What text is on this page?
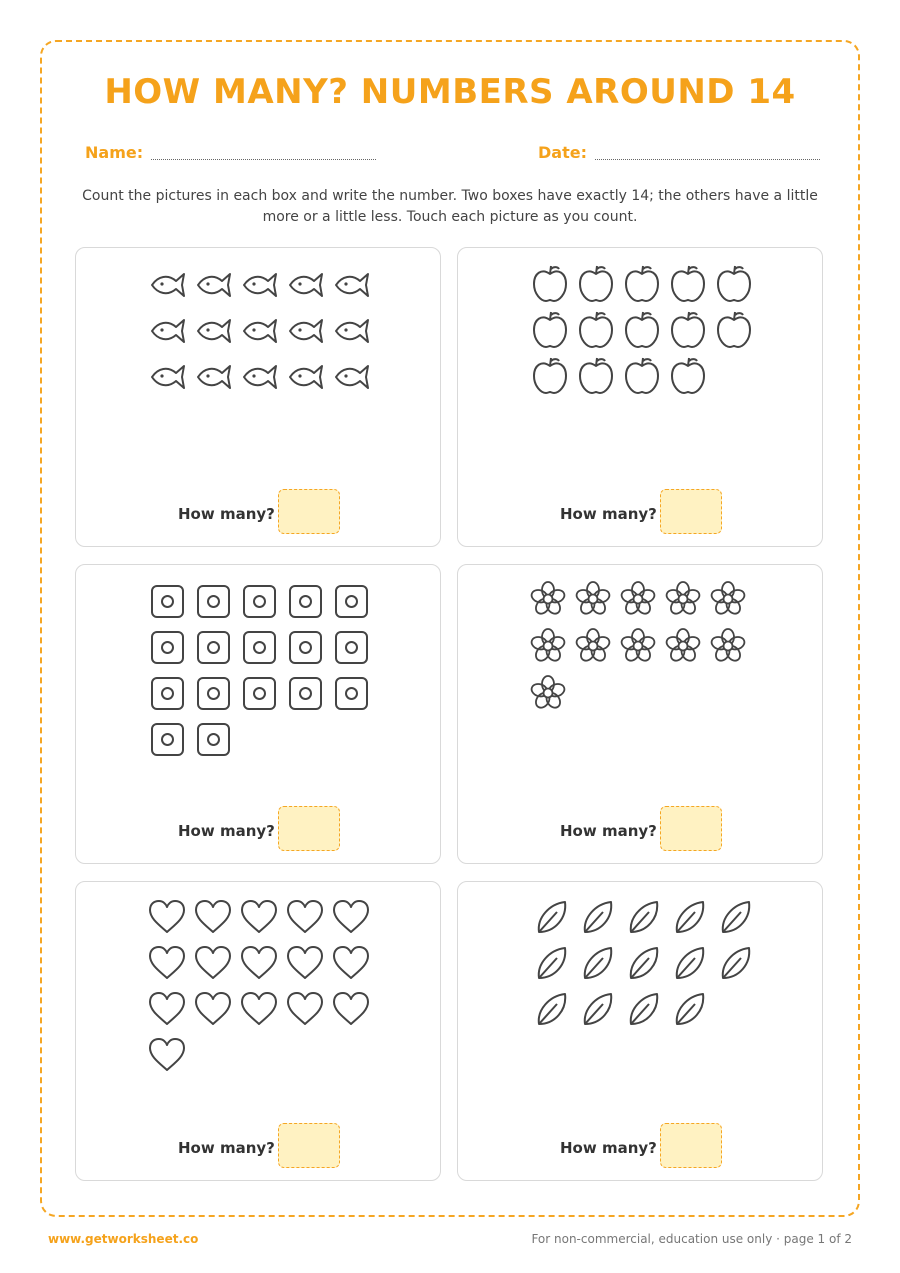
HOW MANY? NUMBERS AROUND 14
Name:	Date:
Count the pictures in each box and write the number. Two boxes have exactly 14; the others have a little more or a little less. Touch each picture as you count.
How many?	How many?
How many?	How many?
How many?	How many?
www.getworksheet.co	For non-commercial, education use only · page 1 of 2
